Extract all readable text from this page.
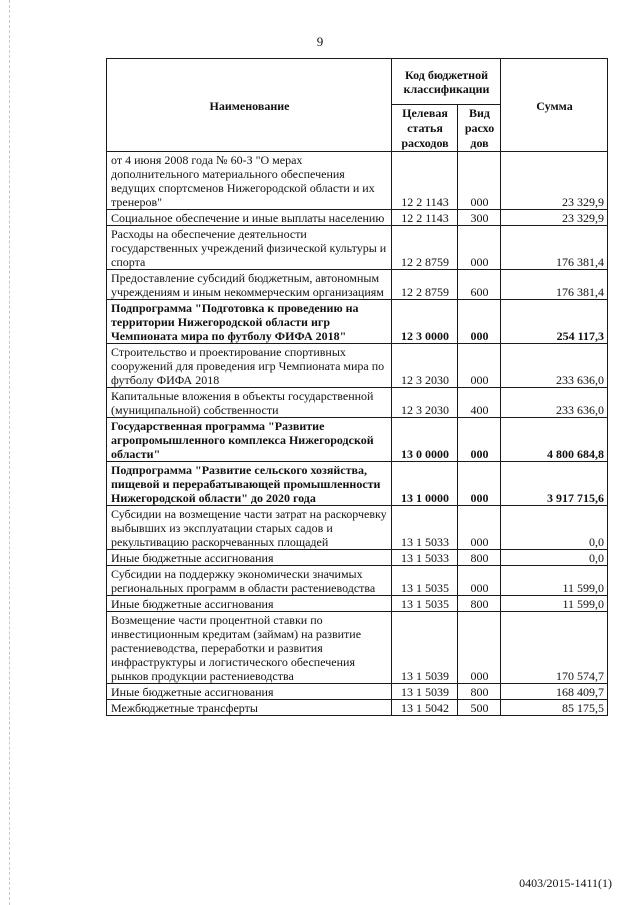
9
Наименование	Код бюджетной классификации		Сумма
	Целевая статья расходов	Вид расхо дов	
от 4 июня 2008 года № 60-З "О мерах дополнительного материального обеспечения ведущих спортсменов Нижегородской области и их тренеров"	12 2 1143	000	23 329,9
Социальное обеспечение и иные выплаты населению	12 2 1143	300	23 329,9
Расходы на обеспечение деятельности государственных учреждений физической культуры и спорта	12 2 8759	000	176 381,4
Предоставление субсидий бюджетным, автономным учреждениям и иным некоммерческим организациям	12 2 8759	600	176 381,4
Подпрограмма "Подготовка к проведению на территории Нижегородской области игр Чемпионата мира по футболу ФИФА 2018"	12 3 0000	000	254 117,3
Строительство и проектирование спортивных сооружений для проведения игр Чемпионата мира по футболу ФИФА 2018	12 3 2030	000	233 636,0
Капитальные вложения в объекты государственной (муниципальной) собственности	12 3 2030	400	233 636,0
Государственная программа "Развитие агропромышленного комплекса Нижегородской области"	13 0 0000	000	4 800 684,8
Подпрограмма "Развитие сельского хозяйства, пищевой и перерабатывающей промышленности Нижегородской области" до 2020 года	13 1 0000	000	3 917 715,6
Субсидии на возмещение части затрат на раскорчевку выбывших из эксплуатации старых садов и рекультивацию раскорчеванных площадей	13 1 5033	000	0,0
Иные бюджетные ассигнования	13 1 5033	800	0,0
Субсидии на поддержку экономически значимых региональных программ в области растениеводства	13 1 5035	000	11 599,0
Иные бюджетные ассигнования	13 1 5035	800	11 599,0
Возмещение части процентной ставки по инвестиционным кредитам (займам) на развитие растениеводства, переработки и развития инфраструктуры и логистического обеспечения рынков продукции растениеводства	13 1 5039	000	170 574,7
Иные бюджетные ассигнования	13 1 5039	800	168 409,7
Межбюджетные трансферты	13 1 5042	500	85 175,5
0403/2015-1411(1)
